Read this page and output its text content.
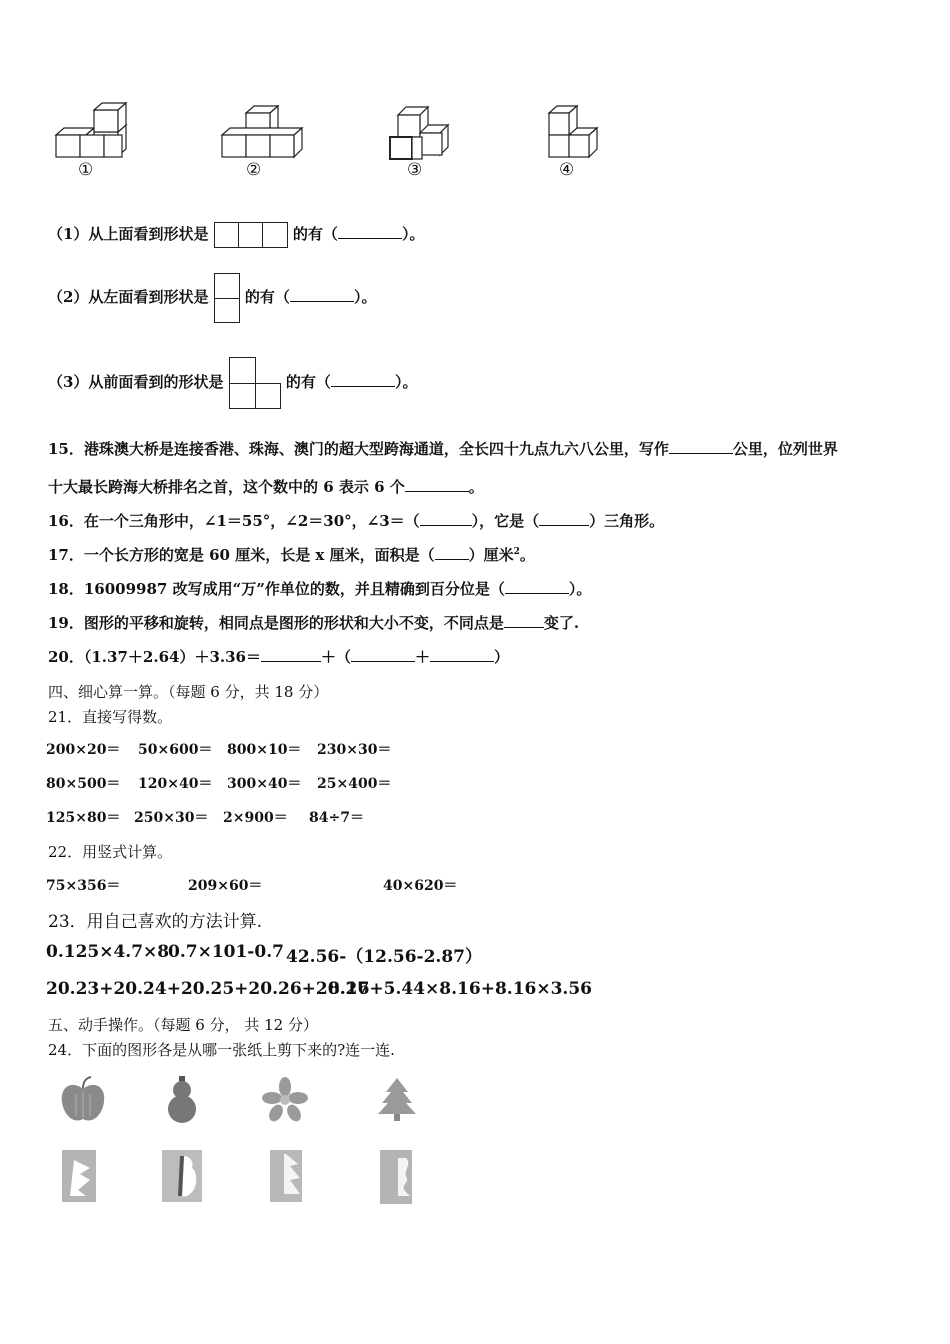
①	②	③	④
（1）从上面看到形状是	的有（	）。
（2）从左面看到形状是 的有（	）。
（3）从前面看到的形状是	的有（	）。
15．港珠澳大桥是连接香港、珠海、澳门的超大型跨海通道，全长四十九点九六八公里，写作	公里，位列世界
十大最长跨海大桥排名之首，这个数中的 6 表示 6 个	。
16．在一个三角形中，∠1＝55°，∠2＝30°，∠3＝（	），它是（	）三角形。
17．一个长方形的宽是 60 厘米，长是 x 厘米，面积是（ ）厘米$^2$。
18．16009987 改写成用“万”作单位的数，并且精确到百分位是（	）。
19．图形的平移和旋转，相同点是图形的形状和大小不变，不同点是	变了.
20．（1.37＋2.64）＋3.36＝	＋（	＋	）
四、细心算一算。（每题 6 分，共 18 分）
21．直接写得数。
200×20＝ 50×600＝ 800×10＝ 230×30＝
80×500＝ 120×40＝ 300×40＝ 25×400＝
125×80＝ 250×30＝ 2×900＝ 84÷7＝
22．用竖式计算。
75×356＝	209×60＝	40×620＝
23．用自己喜欢的方法计算.
0.125×4.7×8
0.7×101-0.7 42.56-（12.56-2.87）
20.23+20.24+20.25+20.26+20.27
8.16+5.44×8.16+8.16×3.56
五、动手操作。（每题 6 分， 共 12 分）
24．下面的图形各是从哪一张纸上剪下来的?连一连.
